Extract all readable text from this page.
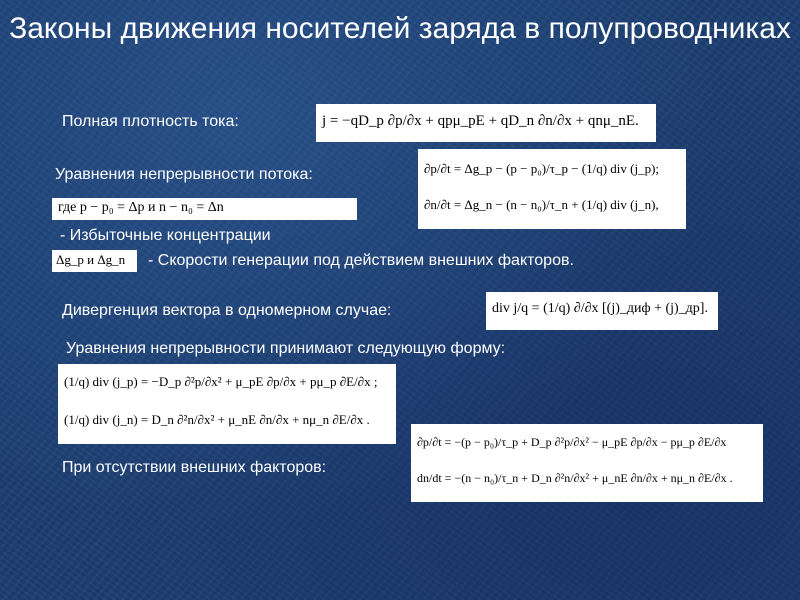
Законы движения носителей заряда в полупроводниках
Полная плотность тока:	j = −qD_p ∂p/∂x + qpμ_pE + qD_n ∂n/∂x + qnμ_nE.
Уравнения непрерывности потока:	∂p/∂t = Δg_p − (p − p₀)/τ_p − (1/q) div (j_p);
∂n/∂t = Δg_n − (n − n₀)/τ_n + (1/q) div (j_n),
где p − p₀ = Δp и n − n₀ = Δn
- Избыточные концентрации
Δg_p и Δg_n - Скорости генерации под действием внешних факторов.
Дивергенция вектора в одномерном случае:	div j/q = (1/q) ∂/∂x [(j)_диф + (j)_др].
Уравнения непрерывности принимают следующую форму:
(1/q) div (j_p) = −D_p ∂²p/∂x² + μ_pE ∂p/∂x + pμ_p ∂E/∂x ;
(1/q) div (j_n) = D_n ∂²n/∂x² + μ_nE ∂n/∂x + nμ_n ∂E/∂x .
При отсутствии внешних факторов:
∂p/∂t = −(p − p₀)/τ_p + D_p ∂²p/∂x² − μ_pE ∂p/∂x − pμ_p ∂E/∂x
dn/dt = −(n − n₀)/τ_n + D_n ∂²n/∂x² + μ_nE ∂n/∂x + nμ_n ∂E/∂x .
